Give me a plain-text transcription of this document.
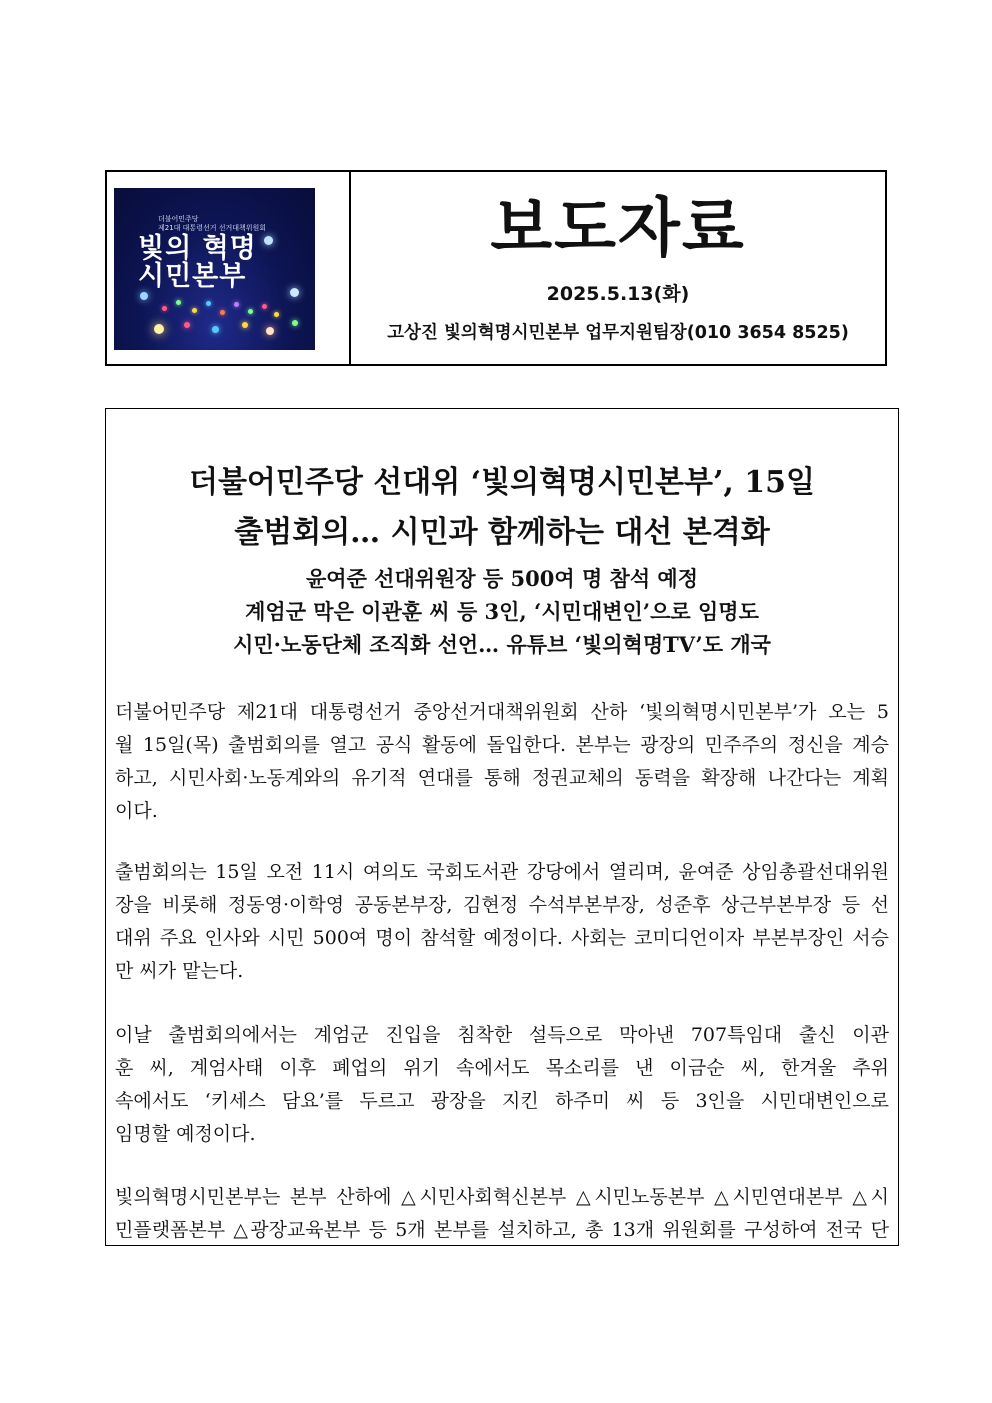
더불어민주당
제21대 대통령선거 선거대책위원회
빛의 혁명
시민본부
보도자료
2025.5.13(화)
고상진 빛의혁명시민본부 업무지원팀장(010 3654 8525)
더불어민주당 선대위 ‘빛의혁명시민본부’, 15일
출범회의… 시민과 함께하는 대선 본격화
윤여준 선대위원장 등 500여 명 참석 예정
계엄군 막은 이관훈 씨 등 3인, ‘시민대변인’으로 임명도
시민·노동단체 조직화 선언… 유튜브 ‘빛의혁명TV’도 개국
더불어민주당 제21대 대통령선거 중앙선거대책위원회 산하 ‘빛의혁명시민본부’가 오는 5
월 15일(목) 출범회의를 열고 공식 활동에 돌입한다. 본부는 광장의 민주주의 정신을 계승
하고, 시민사회·노동계와의 유기적 연대를 통해 정권교체의 동력을 확장해 나간다는 계획
이다.
출범회의는 15일 오전 11시 여의도 국회도서관 강당에서 열리며, 윤여준 상임총괄선대위원
장을 비롯해 정동영·이학영 공동본부장, 김현정 수석부본부장, 성준후 상근부본부장 등 선
대위 주요 인사와 시민 500여 명이 참석할 예정이다. 사회는 코미디언이자 부본부장인 서승
만 씨가 맡는다.
이날 출범회의에서는 계엄군 진입을 침착한 설득으로 막아낸 707특임대 출신 이관
훈 씨, 계엄사태 이후 폐업의 위기 속에서도 목소리를 낸 이금순 씨, 한겨울 추위
속에서도 ‘키세스 담요’를 두르고 광장을 지킨 하주미 씨 등 3인을 시민대변인으로
임명할 예정이다.
빛의혁명시민본부는 본부 산하에 △시민사회혁신본부 △시민노동본부 △시민연대본부 △시
민플랫폼본부 △광장교육본부 등 5개 본부를 설치하고, 총 13개 위원회를 구성하여 전국 단
